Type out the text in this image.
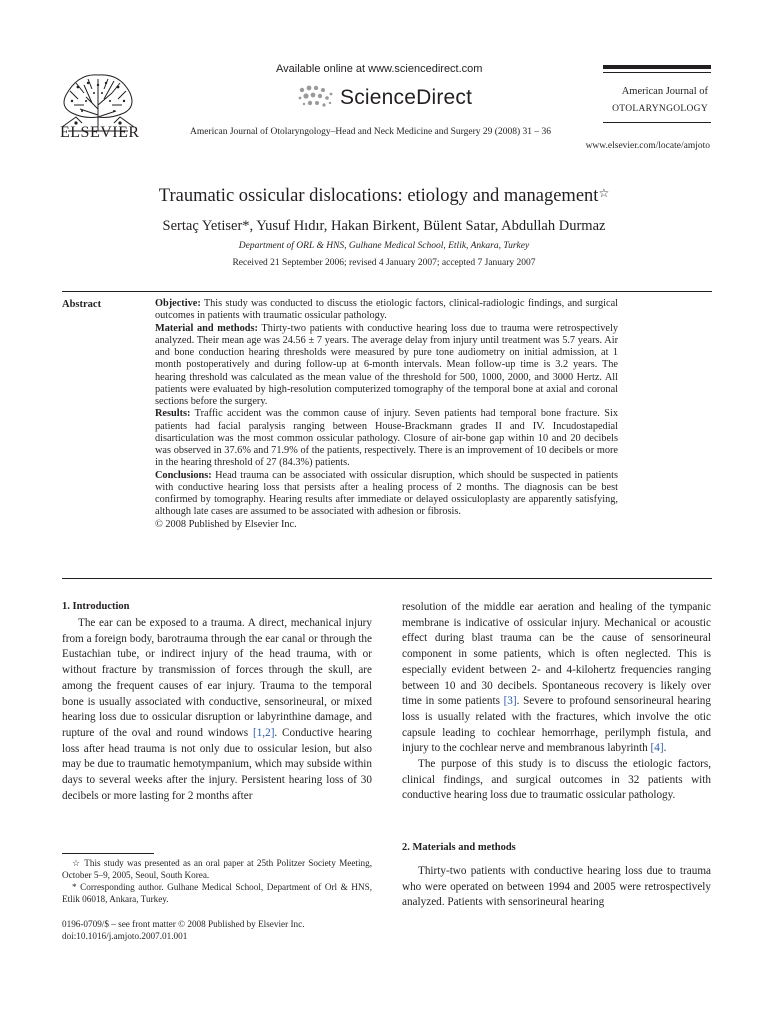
ELSEVIER
Available online at www.sciencedirect.com
ScienceDirect
American Journal of Otolaryngology–Head and Neck Medicine and Surgery 29 (2008) 31 – 36
American Journal of
OTOLARYNGOLOGY
www.elsevier.com/locate/amjoto
Traumatic ossicular dislocations: etiology and management☆
Sertaç Yetiser*, Yusuf Hıdır, Hakan Birkent, Bülent Satar, Abdullah Durmaz
Department of ORL & HNS, Gulhane Medical School, Etlik, Ankara, Turkey
Received 21 September 2006; revised 4 January 2007; accepted 7 January 2007
Abstract	Objective: This study was conducted to discuss the etiologic factors, clinical-radiologic findings, and surgical outcomes in patients with traumatic ossicular pathology.

Material and methods: Thirty-two patients with conductive hearing loss due to trauma were retrospectively analyzed. Their mean age was 24.56 ± 7 years. The average delay from injury until treatment was 5.7 years. Air and bone conduction hearing thresholds were measured by pure tone audiometry on initial admission, at 1 month postoperatively and during follow-up at 6-month intervals. Mean follow-up time is 3.2 years. The hearing threshold was calculated as the mean value of the threshold for 500, 1000, 2000, and 3000 Hertz. All patients were evaluated by high-resolution computerized tomography of the temporal bone at axial and coronal sections before the surgery.

Results: Traffic accident was the common cause of injury. Seven patients had temporal bone fracture. Six patients had facial paralysis ranging between House-Brackmann grades II and IV. Incudostapedial disarticulation was the most common ossicular pathology. Closure of air-bone gap within 10 and 20 decibels was observed in 37.6% and 71.9% of the patients, respectively. There is an improvement of 10 decibels or more in the hearing threshold of 27 (84.3%) patients.

Conclusions: Head trauma can be associated with ossicular disruption, which should be suspected in patients with conductive hearing loss that persists after a healing process of 2 months. The diagnosis can be best confirmed by tomography. Hearing results after immediate or delayed ossiculoplasty are apparently satisfying, although late cases are assumed to be associated with adhesion or fibrosis.

© 2008 Published by Elsevier Inc.

1. Introduction

The ear can be exposed to a trauma. A direct, mechanical injury from a foreign body, barotrauma through the ear canal or through the Eustachian tube, or indirect injury of the head trauma, with or without fracture by transmission of forces through the skull, are among the frequent causes of ear injury. Trauma to the temporal bone is usually associated with conductive, sensorineural, or mixed hearing loss due to ossicular disruption or labyrinthine damage, and rupture of the oval and round windows [1,2]. Conductive hearing loss after head trauma is not only due to ossicular lesion, but also may be due to traumatic hemotympanium, which may subside within days to several weeks after the injury. Persistent hearing loss of 30 decibels or more lasting for 2 months after

☆ This study was presented as an oral paper at 25th Politzer Society Meeting, October 5–9, 2005, Seoul, South Korea.

* Corresponding author. Gulhane Medical School, Department of Orl & HNS, Etlik 06018, Ankara, Turkey.

0196-0709/$ – see front matter © 2008 Published by Elsevier Inc.
doi:10.1016/j.amjoto.2007.01.001

resolution of the middle ear aeration and healing of the tympanic membrane is indicative of ossicular injury. Mechanical or acoustic effect during blast trauma can be the cause of sensorineural component in some patients, which is often neglected. This is especially evident between 2- and 4-kilohertz frequencies ranging between 10 and 30 decibels. Spontaneous recovery is likely over time in some patients [3]. Severe to profound sensorineural hearing loss is usually related with the fractures, which involve the otic capsule leading to cochlear hemorrhage, perilymph fistula, and injury to the cochlear nerve and membranous labyrinth [4].

The purpose of this study is to discuss the etiologic factors, clinical findings, and surgical outcomes in 32 patients with conductive hearing loss due to traumatic ossicular pathology.

2. Materials and methods

Thirty-two patients with conductive hearing loss due to trauma who were operated on between 1994 and 2005 were retrospectively analyzed. Patients with sensorineural hearing
